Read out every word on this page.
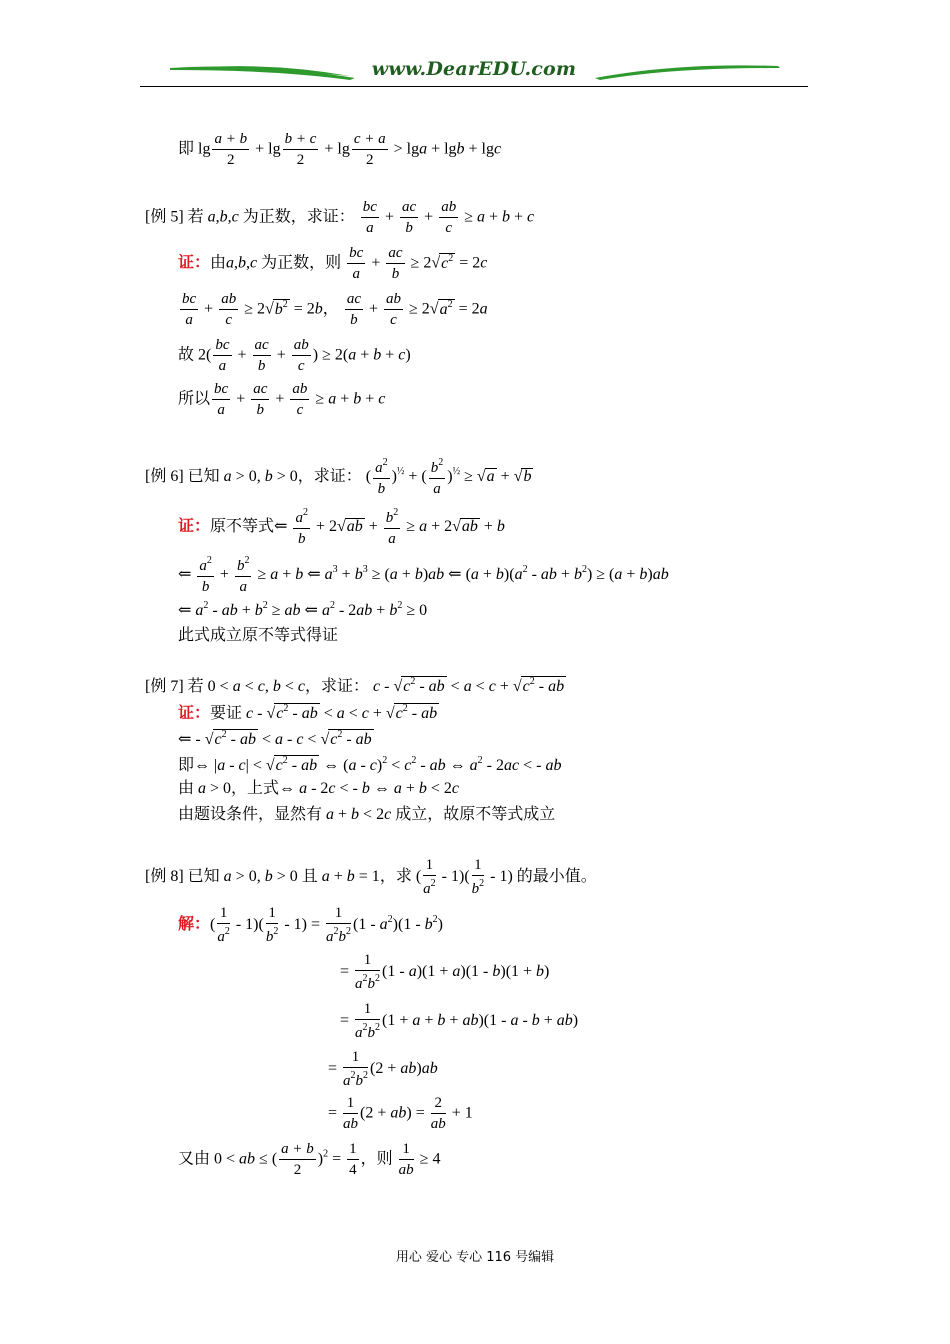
www.DearEDU.com
即 $\lg \frac{a + b}{2} + \lg \frac{b + c}{2} + \lg \frac{c + a}{2} > \lg a + \lg b + \lg c$
[例 5] 若 a,b,c 为正数，求证： $\frac{bc}{a} + \frac{ac}{b} + \frac{ab}{c} \ge a + b + c$
证：由a,b,c 为正数，则 $\frac{bc}{a} + \frac{ac}{b} \ge 2√c^2 = 2c$
$\frac{bc}{a} + \frac{ab}{c} \ge 2√b^2 = 2b$， $\frac{ac}{b} + \frac{ab}{c} \ge 2√a^2 = 2a$
故 $2( \frac{bc}{a} + \frac{ac}{b} + \frac{ab}{c}$ ) ≥ 2(a + b + c)
所以 $\frac{bc}{a} + \frac{ac}{b} + \frac{ab}{c} \ge a + b + c$
[例 6] 已知 a > 0, b > 0，求证： ( $\frac{a^2}{b} )^{\frac{1}{2}}$ + ( $\frac{b^2}{a} )^{\frac{1}{2}} \ge √a + √b$
证：原不等式⇐ $\frac{a^2}{b} + 2√ab + \frac{b^2}{a} \ge a + 2√ab + b$
⇐ $\frac{a^2}{b} + \frac{b^2}{a} \ge a + b$ ⇐ $a^3 + b^3 \ge (a + b)ab$ ⇐ $(a + b)(a^2$ - ab + $b^2) \ge (a + b)ab$
⇐ $a^2$ - ab + $b^2$ ≥ ab ⇐ $a^2 - 2ab + b^2 \ge 0$
此式成立原不等式得证
[例 7] 若 0 < a < c, b < c，求证： c - $√c^2$ - ab < $a < c + √c^2$ - ab
证：要证 c - $√c^2$ - ab < $a < c + √c^2$ - ab
⇐ - $√c^2$ - ab < $a - c < √c^2$ - ab
即⇔ $|a - c| < √c^2$ - ab ⇔ $(a - c)^2 < c^2$ - ab ⇔ $a^2 - 2ac$ < - ab
由 a > 0，上式⇔ a - 2c < - b ⇔ a + b < 2c
由题设条件，显然有 a + b < 2c 成立，故原不等式成立
[例 8] 已知 a > 0, b > 0 且 a + b = 1，求 ( $\frac{1}{a^2} - 1)( \frac{1}{b^2} - 1)$ 的最小值。
解：( $\frac{1}{a^2} - 1)( \frac{1}{b^2} - 1) = \frac{1}{a^2b^2} (1 - a^2)(1 - b^2)$
= $\frac{1}{a^2b^2} (1 - a)(1 + a)(1 - b)(1 + b)$
= $\frac{1}{a^2b^2} (1 + a + b + ab)(1 - a - b + ab)$
= $\frac{1}{a^2b^2} (2 + ab)ab$
= $\frac{1}{ab} (2 + ab) = \frac{2}{ab} + 1$
又由 0 < ab ≤ ( $\frac{a + b}{2} )^2 = \frac{1}{4}$ ，则 $\frac{1}{ab} \ge 4$
用心 爱心 专心 116 号编辑
